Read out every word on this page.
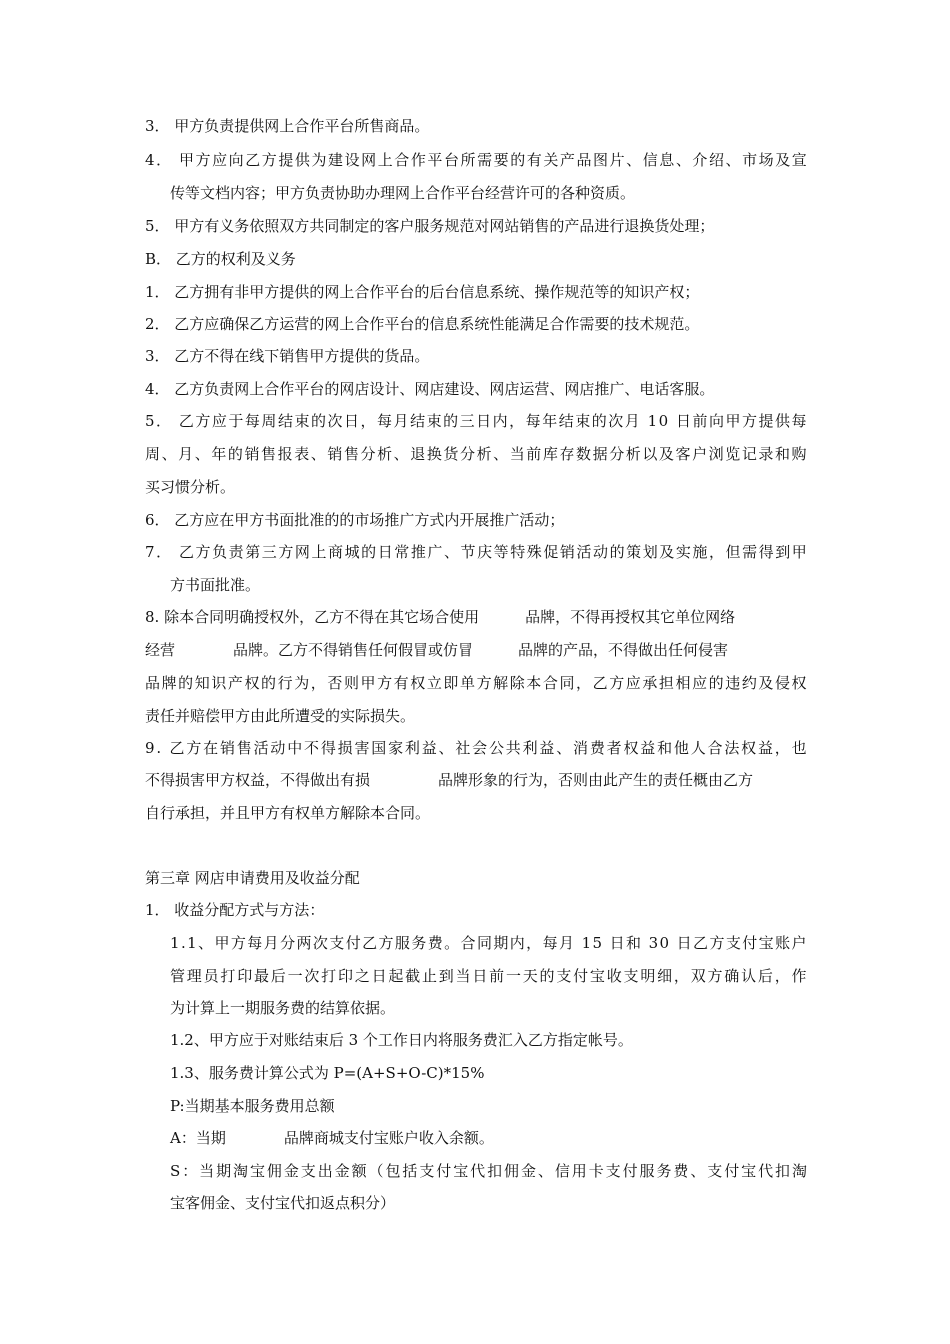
3． 甲方负责提供网上合作平台所售商品。
4 ．
甲 方 应 向 乙 方 提 供 为 建 设 网 上 合 作 平 台 所 需 要 的 有 关 产 品 图 片 、 信 息 、 介 绍 、 市 场 及 宣
传等文档内容；甲方负责协助办理网上合作平台经营许可的各种资质。
5． 甲方有义务依照双方共同制定的客户服务规范对网站销售的产品进行退换货处理；
B． 乙方的权利及义务
1． 乙方拥有非甲方提供的网上合作平台的后台信息系统、操作规范等的知识产权；
2． 乙方应确保乙方运营的网上合作平台的信息系统性能满足合作需要的技术规范。
3． 乙方不得在线下销售甲方提供的货品。
4． 乙方负责网上合作平台的网店设计、网店建设、网店运营、网店推广、电话客服。
5 ．
乙 方 应 于 每 周 结 束 的 次 日 ， 每 月 结 束 的 三 日 内 ， 每 年 结 束 的 次 月
1 0
日 前 向 甲 方 提 供 每
周 、 月 、 年 的 销 售 报 表 、 销 售 分 析 、 退 换 货 分 析 、 当 前 库 存 数 据 分 析 以 及 客 户 浏 览 记 录 和 购
买习惯分析。
6． 乙方应在甲方书面批准的的市场推广方式内开展推广活动；
7 ．
乙 方 负 责 第 三 方 网 上 商 城 的 日 常 推 广 、 节 庆 等 特 殊 促 销 活 动 的 策 划 及 实 施 ， 但 需 得 到 甲
方书面批准。
8. 除本合同明确授权外，乙方不得在其它场合使用	品牌，不得再授权其它单位网络
经营	品牌。乙方不得销售任何假冒或仿冒	品牌的产品，不得做出任何侵害
品 牌 的 知 识 产 权 的 行 为 ， 否 则 甲 方 有 权 立 即 单 方 解 除 本 合 同 ， 乙 方 应 承 担 相 应 的 违 约 及 侵 权
责任并赔偿甲方由此所遭受的实际损失。
9 .
乙 方 在 销 售 活 动 中 不 得 损 害 国 家 利 益 、 社 会 公 共 利 益 、 消 费 者 权 益 和 他 人 合 法 权 益 ， 也
不得损害甲方权益，不得做出有损	品牌形象的行为，否则由此产生的责任概由乙方
自行承担，并且甲方有权单方解除本合同。
第三章 网店申请费用及收益分配
1． 收益分配方式与方法：
1 . 1 、 甲 方 每 月 分 两 次 支 付 乙 方 服 务 费 。 合 同 期 内 ， 每 月
1 5
日 和
3 0
日 乙 方 支 付 宝 账 户
管 理 员 打 印 最 后 一 次 打 印 之 日 起 截 止 到 当 日 前 一 天 的 支 付 宝 收 支 明 细 ， 双 方 确 认 后 ， 作
为计算上一期服务费的结算依据。
1.2、甲方应于对账结束后 3 个工作日内将服务费汇入乙方指定帐号。
1.3、服务费计算公式为 P=(A+S+O-C)*15%
P:当期基本服务费用总额
A：当期	品牌商城支付宝账户收入余额。
S ： 当 期 淘 宝 佣 金 支 出 金 额 （ 包 括 支 付 宝 代 扣 佣 金 、 信 用 卡 支 付 服 务 费 、 支 付 宝 代 扣 淘
宝客佣金、支付宝代扣返点积分）
